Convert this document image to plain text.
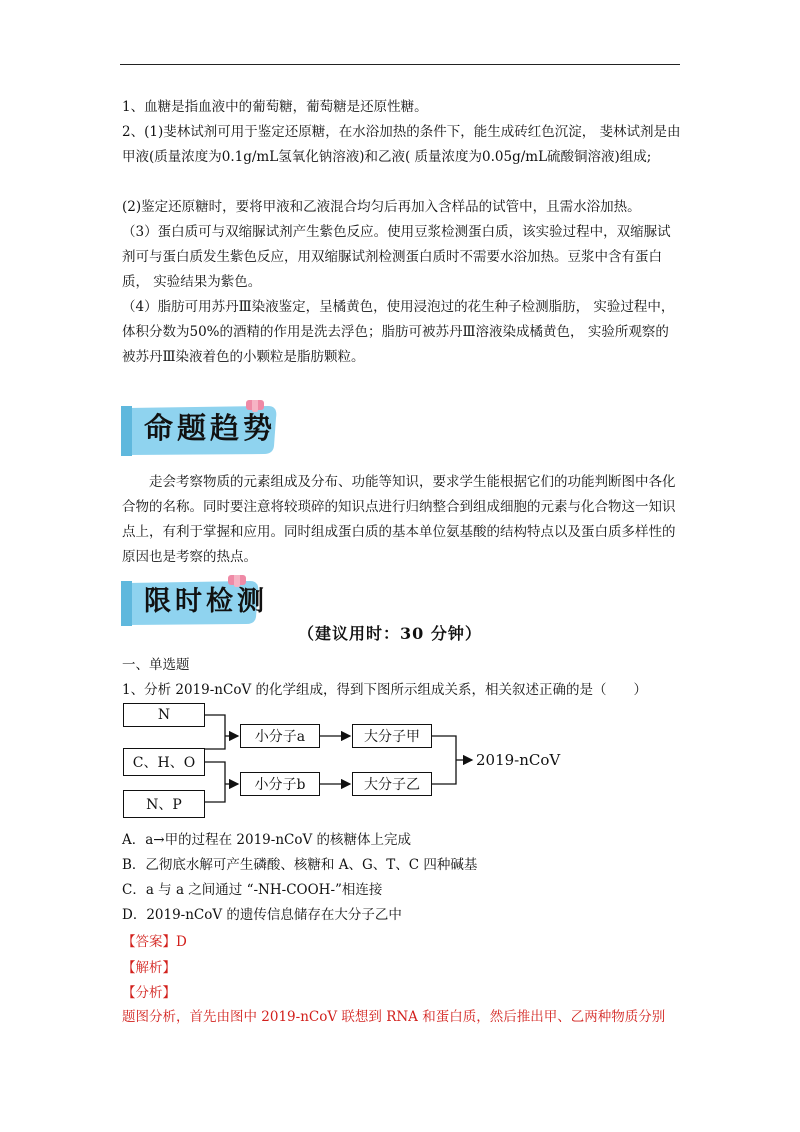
1、血糖是指血液中的葡萄糖，葡萄糖是还原性糖。
2、(1)斐林试剂可用于鉴定还原糖，在水浴加热的条件下，能生成砖红色沉淀， 斐林试剂是由甲液(质量浓度为0.1g/mL氢氧化钠溶液)和乙液( 质量浓度为0.05g/mL硫酸铜溶液)组成;
(2)鉴定还原糖时，要将甲液和乙液混合均匀后再加入含样品的试管中，且需水浴加热。
（3）蛋白质可与双缩脲试剂产生紫色反应。使用豆浆检测蛋白质，该实验过程中，双缩脲试剂可与蛋白质发生紫色反应，用双缩脲试剂检测蛋白质时不需要水浴加热。豆浆中含有蛋白质， 实验结果为紫色。
（4）脂肪可用苏丹Ⅲ染液鉴定，呈橘黄色，使用浸泡过的花生种子检测脂肪， 实验过程中，体积分数为50%的酒精的作用是洗去浮色；脂肪可被苏丹Ⅲ溶液染成橘黄色， 实验所观察的被苏丹Ⅲ染液着色的小颗粒是脂肪颗粒。
命题趋势
走会考察物质的元素组成及分布、功能等知识，要求学生能根据它们的功能判断图中各化合物的名称。同时要注意将较琐碎的知识点进行归纳整合到组成细胞的元素与化合物这一知识点上，有利于掌握和应用。同时组成蛋白质的基本单位氨基酸的结构特点以及蛋白质多样性的原因也是考察的热点。
限时检测
（建议用时：30 分钟）
一、单选题
1、分析 2019-nCoV 的化学组成，得到下图所示组成关系，相关叙述正确的是（　　）
N
C、H、O
N、P
小分子a
小分子b
大分子甲
大分子乙
2019-nCoV
A．a→甲的过程在 2019-nCoV 的核糖体上完成
B．乙彻底水解可产生磷酸、核糖和 A、G、T、C 四种碱基
C．a 与 a 之间通过 “-NH-COOH-”相连接
D．2019-nCoV 的遗传信息储存在大分子乙中
【答案】D
【解析】
【分析】
题图分析，首先由图中 2019-nCoV 联想到 RNA 和蛋白质，然后推出甲、乙两种物质分别
